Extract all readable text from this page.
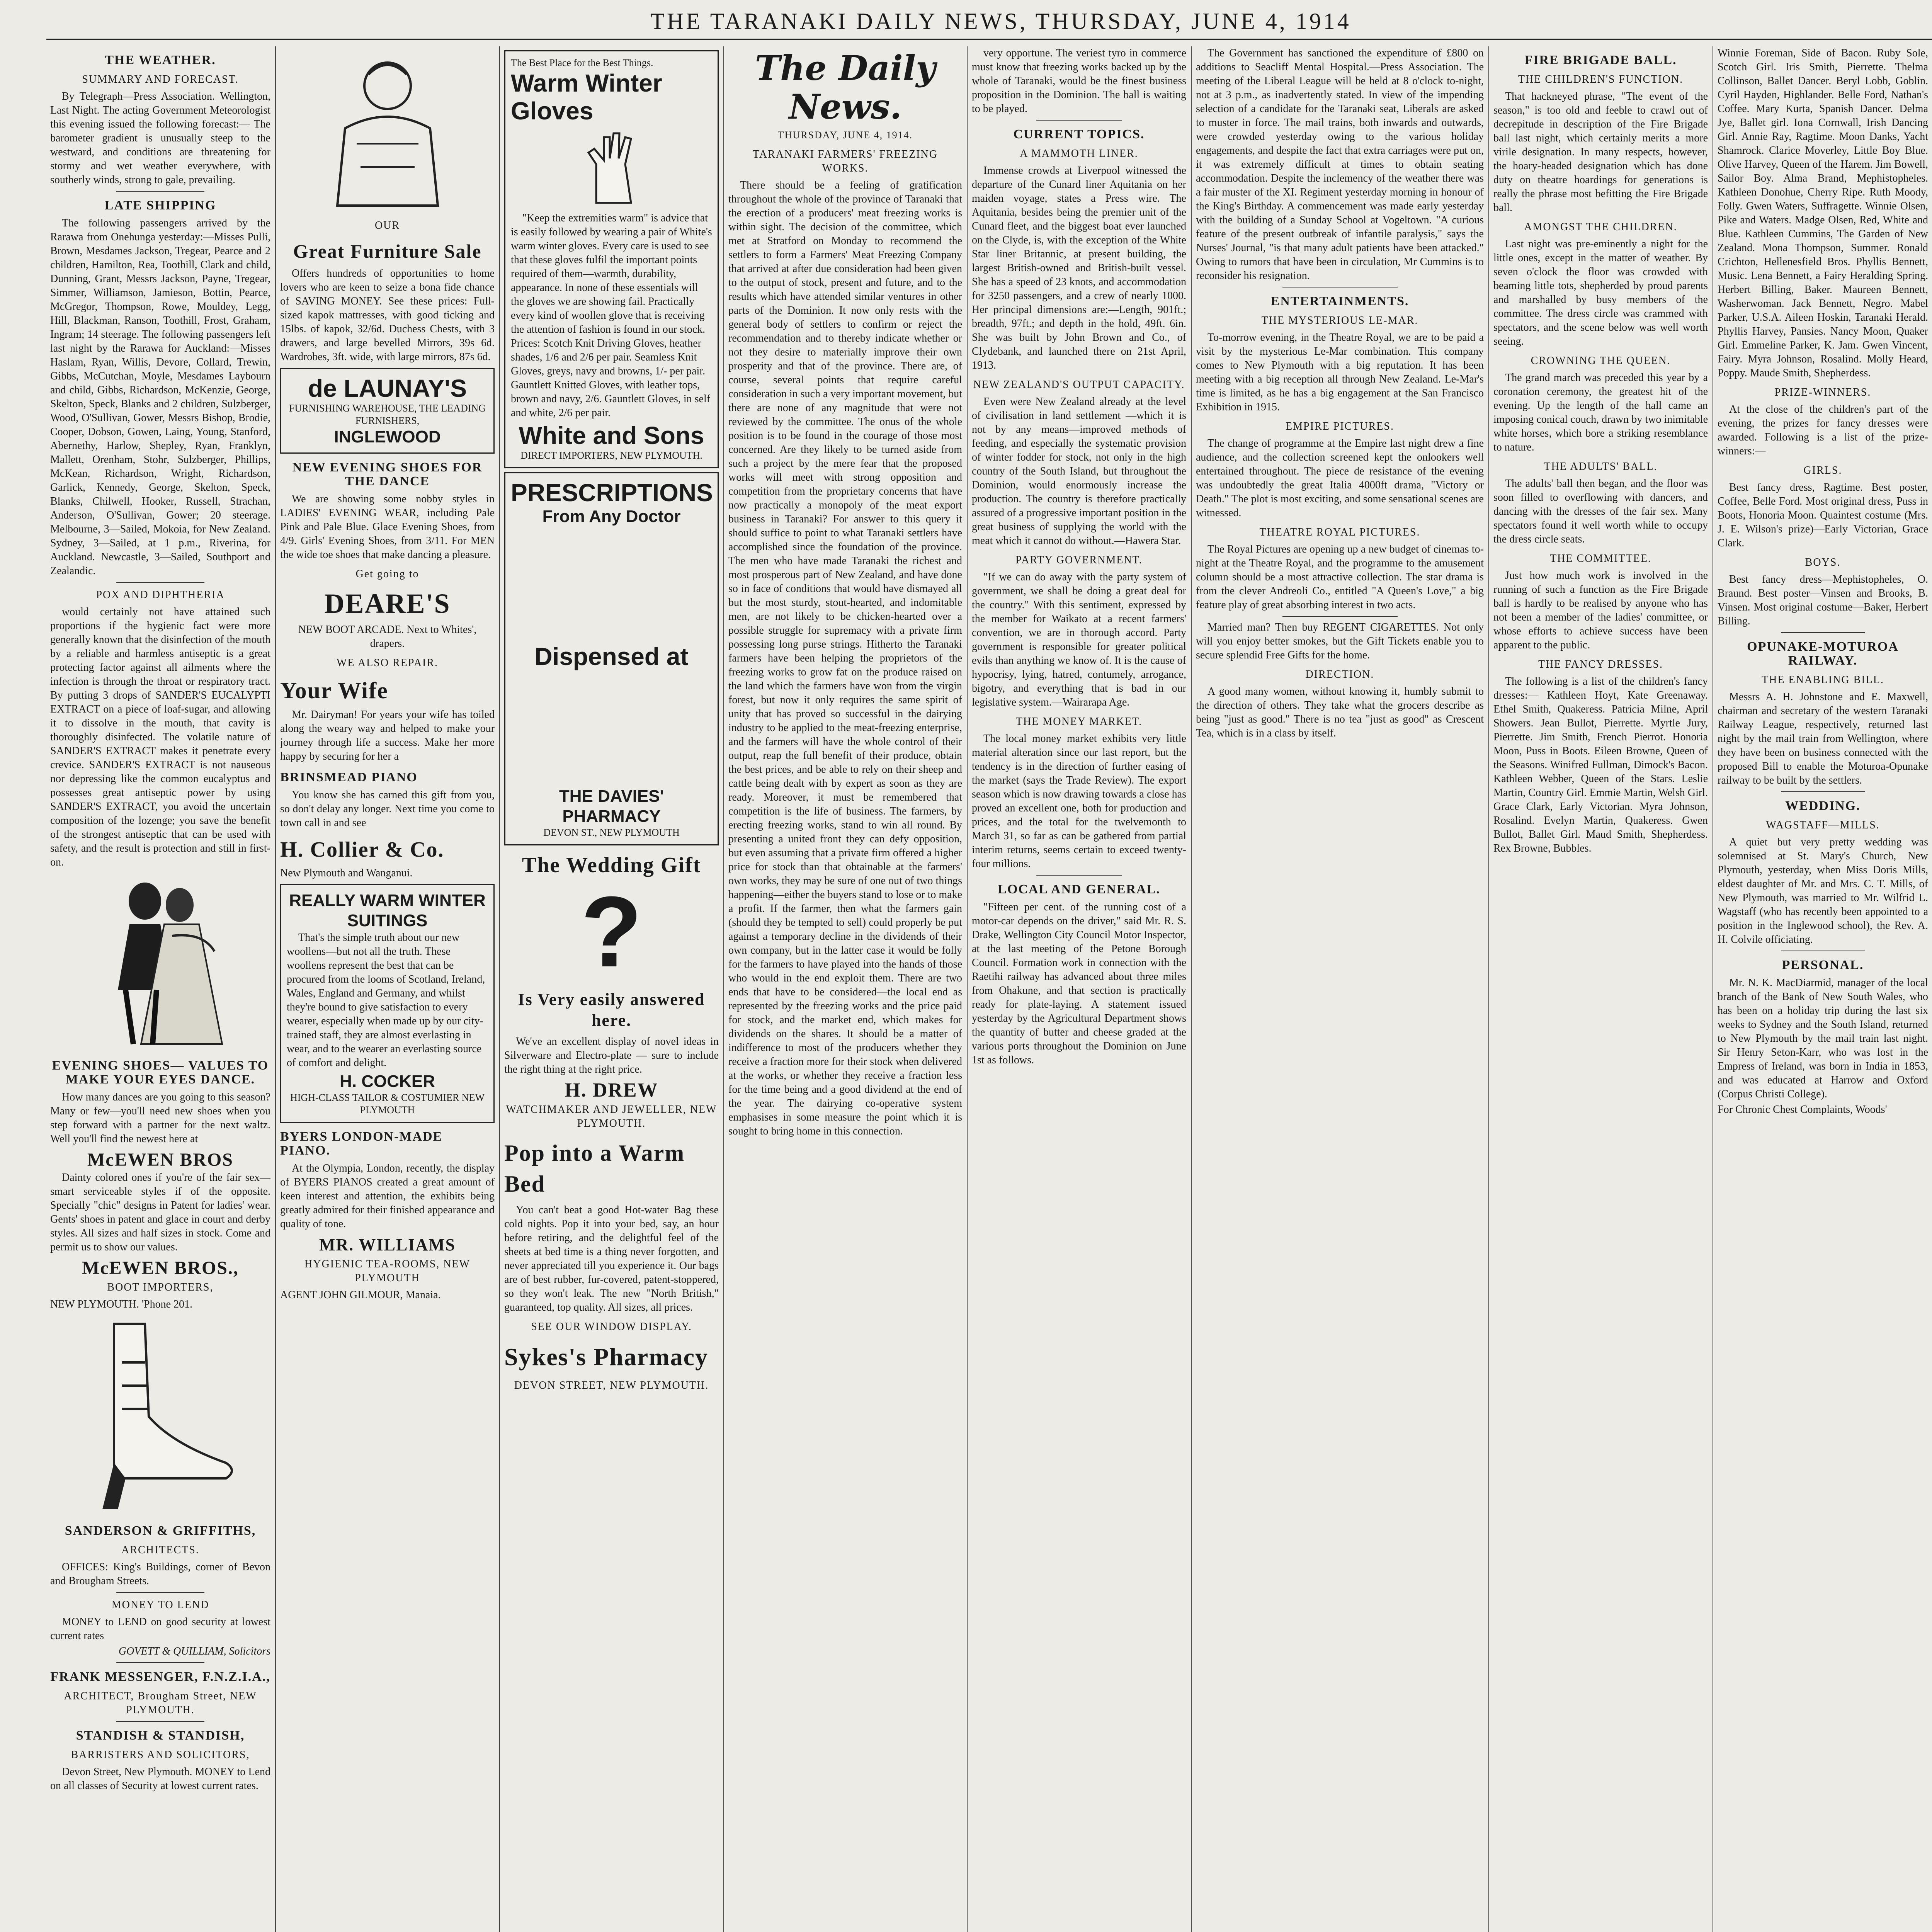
THE TARANAKI DAILY NEWS, THURSDAY, JUNE 4, 1914
THE WEATHER.
SUMMARY AND FORECAST.

By Telegraph—Press Association. Wellington, Last Night. The acting Government Meteorologist this evening issued the following forecast:— The barometer gradient is unusually steep to the westward, and conditions are threatening for stormy and wet weather everywhere, with southerly winds, strong to gale, prevailing.

LATE SHIPPING

The following passengers arrived by the Rarawa from Onehunga yesterday:—Misses Pulli, Brown, Mesdames Jackson, Tregear, Pearce and 2 children, Hamilton, Rea, Toothill, Clark and child, Dunning, Grant, Messrs Jackson, Payne, Tregear, Simmer, Williamson, Jamieson, Bottin, Pearce, McGregor, Thompson, Rowe, Mouldey, Legg, Hill, Blackman, Ranson, Toothill, Frost, Graham, Ingram; 14 steerage. The following passengers left last night by the Rarawa for Auckland:—Misses Haslam, Ryan, Willis, Devore, Collard, Trewin, Gibbs, McCutchan, Moyle, Mesdames Laybourn and child, Gibbs, Richardson, McKenzie, George, Skelton, Speck, Blanks and 2 children, Sulzberger, Wood, O'Sullivan, Gower, Messrs Bishop, Brodie, Cooper, Dobson, Gowen, Laing, Young, Stanford, Abernethy, Harlow, Shepley, Ryan, Franklyn, Mallett, Orenham, Stohr, Sulzberger, Phillips, McKean, Richardson, Wright, Richardson, Garlick, Kennedy, George, Skelton, Speck, Blanks, Chilwell, Hooker, Russell, Strachan, Anderson, O'Sullivan, Gower; 20 steerage. Melbourne, 3—Sailed, Mokoia, for New Zealand. Sydney, 3—Sailed, at 1 p.m., Riverina, for Auckland. Newcastle, 3—Sailed, Southport and Zealandic.

POX AND DIPHTHERIA

would certainly not have attained such proportions if the hygienic fact were more generally known that the disinfection of the mouth by a reliable and harmless antiseptic is a great protecting factor against all ailments where the infection is through the throat or respiratory tract. By putting 3 drops of SANDER'S EUCALYPTI EXTRACT on a piece of loaf-sugar, and allowing it to dissolve in the mouth, that cavity is thoroughly disinfected. The volatile nature of SANDER'S EXTRACT makes it penetrate every crevice. SANDER'S EXTRACT is not nauseous nor depressing like the common eucalyptus and possesses great antiseptic power by using SANDER'S EXTRACT, you avoid the uncertain composition of the lozenge; you save the benefit of the strongest antiseptic that can be used with safety, and the result is protection and still in first-on.

EVENING SHOES— VALUES TO MAKE YOUR EYES DANCE.

How many dances are you going to this season? Many or few—you'll need new shoes when you step forward with a partner for the next waltz. Well you'll find the newest here at

McEWEN BROS

Dainty colored ones if you're of the fair sex—smart serviceable styles if of the opposite. Specially "chic" designs in Patent for ladies' wear. Gents' shoes in patent and glace in court and derby styles. All sizes and half sizes in stock. Come and permit us to show our values.

McEWEN BROS.,
BOOT IMPORTERS,

NEW PLYMOUTH. 'Phone 201.

SANDERSON & GRIFFITHS,
ARCHITECTS.

OFFICES: King's Buildings, corner of Bevon and Brougham Streets.

MONEY TO LEND

MONEY to LEND on good security at lowest current rates

GOVETT & QUILLIAM, Solicitors

FRANK MESSENGER, F.N.Z.I.A.,
ARCHITECT, Brougham Street, NEW PLYMOUTH.
STANDISH & STANDISH,
BARRISTERS AND SOLICITORS,

Devon Street, New Plymouth. MONEY to Lend on all classes of Security at lowest current rates.

OUR
Great Furniture Sale

Offers hundreds of opportunities to home lovers who are keen to seize a bona fide chance of SAVING MONEY. See these prices: Full-sized kapok mattresses, with good ticking and 15lbs. of kapok, 32/6d. Duchess Chests, with 3 drawers, and large bevelled Mirrors, 39s 6d. Wardrobes, 3ft. wide, with large mirrors, 87s 6d.

de LAUNAY'S
FURNISHING WAREHOUSE, THE LEADING FURNISHERS,
INGLEWOOD
NEW EVENING SHOES FOR THE DANCE

We are showing some nobby styles in LADIES' EVENING WEAR, including Pale Pink and Pale Blue. Glace Evening Shoes, from 4/9. Girls' Evening Shoes, from 3/11. For MEN the wide toe shoes that make dancing a pleasure.

Get going to
DEARE'S

NEW BOOT ARCADE. Next to Whites', drapers.

WE ALSO REPAIR.
Your Wife

Mr. Dairyman! For years your wife has toiled along the weary way and helped to make your journey through life a success. Make her more happy by securing for her a

BRINSMEAD PIANO

You know she has carned this gift from you, so don't delay any longer. Next time you come to town call in and see

H. Collier & Co.

New Plymouth and Wanganui.

REALLY WARM WINTER SUITINGS

That's the simple truth about our new woollens—but not all the truth. These woollens represent the best that can be procured from the looms of Scotland, Ireland, Wales, England and Germany, and whilst they're bound to give satisfaction to every wearer, especially when made up by our city-trained staff, they are almost everlasting in wear, and to the wearer an everlasting source of comfort and delight.

H. COCKER
HIGH-CLASS TAILOR & COSTUMIER NEW PLYMOUTH
BYERS LONDON-MADE PIANO.

At the Olympia, London, recently, the display of BYERS PIANOS created a great amount of keen interest and attention, the exhibits being greatly admired for their finished appearance and quality of tone.

MR. WILLIAMS
HYGIENIC TEA-ROOMS, NEW PLYMOUTH

AGENT JOHN GILMOUR, Manaia.

The Best Place for the Best Things.
Warm Winter Gloves

"Keep the extremities warm" is advice that is easily followed by wearing a pair of White's warm winter gloves. Every care is used to see that these gloves fulfil the important points required of them—warmth, durability, appearance. In none of these essentials will the gloves we are showing fail. Practically every kind of woollen glove that is receiving the attention of fashion is found in our stock. Prices: Scotch Knit Driving Gloves, heather shades, 1/6 and 2/6 per pair. Seamless Knit Gloves, greys, navy and browns, 1/- per pair. Gauntlett Knitted Gloves, with leather tops, brown and navy, 2/6. Gauntlett Gloves, in self and white, 2/6 per pair.

White and Sons
DIRECT IMPORTERS, NEW PLYMOUTH.
PRESCRIPTIONS
From Any Doctor
Dispensed at
THE DAVIES' PHARMACY
DEVON ST., NEW PLYMOUTH
The Wedding Gift
?
Is Very easily answered here.

We've an excellent display of novel ideas in Silverware and Electro-plate — sure to include the right thing at the right price.

H. DREW
WATCHMAKER AND JEWELLER, NEW PLYMOUTH.
Pop into a Warm Bed

You can't beat a good Hot-water Bag these cold nights. Pop it into your bed, say, an hour before retiring, and the delightful feel of the sheets at bed time is a thing never forgotten, and never appreciated till you experience it. Our bags are of best rubber, fur-covered, patent-stoppered, so they won't leak. The new "North British," guaranteed, top quality. All sizes, all prices.

SEE OUR WINDOW DISPLAY.
Sykes's Pharmacy
DEVON STREET, NEW PLYMOUTH.
The Daily News.
THURSDAY, JUNE 4, 1914.
TARANAKI FARMERS' FREEZING WORKS.

There should be a feeling of gratification throughout the whole of the province of Taranaki that the erection of a producers' meat freezing works is within sight. The decision of the committee, which met at Stratford on Monday to recommend the settlers to form a Farmers' Meat Freezing Company that arrived at after due consideration had been given to the output of stock, present and future, and to the results which have attended similar ventures in other parts of the Dominion. It now only rests with the general body of settlers to confirm or reject the recommendation and to thereby indicate whether or not they desire to materially improve their own prosperity and that of the province. There are, of course, several points that require careful consideration in such a very important movement, but there are none of any magnitude that were not reviewed by the committee. The onus of the whole position is to be found in the courage of those most concerned. Are they likely to be turned aside from such a project by the mere fear that the proposed works will meet with strong opposition and competition from the proprietary concerns that have now practically a monopoly of the meat export business in Taranaki? For answer to this query it should suffice to point to what Taranaki settlers have accomplished since the foundation of the province. The men who have made Taranaki the richest and most prosperous part of New Zealand, and have done so in face of conditions that would have dismayed all but the most sturdy, stout-hearted, and indomitable men, are not likely to be chicken-hearted over a possible struggle for supremacy with a private firm possessing long purse strings. Hitherto the Taranaki farmers have been helping the proprietors of the freezing works to grow fat on the produce raised on the land which the farmers have won from the virgin forest, but now it only requires the same spirit of unity that has proved so successful in the dairying industry to be applied to the meat-freezing enterprise, and the farmers will have the whole control of their output, reap the full benefit of their produce, obtain the best prices, and be able to rely on their sheep and cattle being dealt with by expert as soon as they are ready. Moreover, it must be remembered that competition is the life of business. The farmers, by erecting freezing works, stand to win all round. By presenting a united front they can defy opposition, but even assuming that a private firm offered a higher price for stock than that obtainable at the farmers' own works, they may be sure of one out of two things happening—either the buyers stand to lose or to make a profit. If the farmer, then what the farmers gain (should they be tempted to sell) could properly be put against a temporary decline in the dividends of their own company, but in the latter case it would be folly for the farmers to have played into the hands of those who would in the end exploit them. There are two ends that have to be considered—the local end as represented by the freezing works and the price paid for stock, and the market end, which makes for dividends on the shares. It should be a matter of indifference to most of the producers whether they receive a fraction more for their stock when delivered at the works, or whether they receive a fraction less for the time being and a good dividend at the end of the year. The dairying co-operative system emphasises in some measure the point which it is sought to bring home in this connection.

very opportune. The veriest tyro in commerce must know that freezing works backed up by the whole of Taranaki, would be the finest business proposition in the Dominion. The ball is waiting to be played.

CURRENT TOPICS.
A MAMMOTH LINER.

Immense crowds at Liverpool witnessed the departure of the Cunard liner Aquitania on her maiden voyage, states a Press wire. The Aquitania, besides being the premier unit of the Cunard fleet, and the biggest boat ever launched on the Clyde, is, with the exception of the White Star liner Britannic, at present building, the largest British-owned and British-built vessel. She has a speed of 23 knots, and accommodation for 3250 passengers, and a crew of nearly 1000. Her principal dimensions are:—Length, 901ft.; breadth, 97ft.; and depth in the hold, 49ft. 6in. She was built by John Brown and Co., of Clydebank, and launched there on 21st April, 1913.

NEW ZEALAND'S OUTPUT CAPACITY.

Even were New Zealand already at the level of civilisation in land settlement —which it is not by any means—improved methods of feeding, and especially the systematic provision of winter fodder for stock, not only in the high country of the South Island, but throughout the Dominion, would enormously increase the production. The country is therefore practically assured of a progressive important position in the great business of supplying the world with the meat which it cannot do without.—Hawera Star.

PARTY GOVERNMENT.

"If we can do away with the party system of government, we shall be doing a great deal for the country." With this sentiment, expressed by the member for Waikato at a recent farmers' convention, we are in thorough accord. Party government is responsible for greater political evils than anything we know of. It is the cause of hypocrisy, lying, hatred, contumely, arrogance, bigotry, and everything that is bad in our legislative system.—Wairarapa Age.

THE MONEY MARKET.

The local money market exhibits very little material alteration since our last report, but the tendency is in the direction of further easing of the market (says the Trade Review). The export season which is now drawing towards a close has proved an excellent one, both for production and prices, and the total for the twelvemonth to March 31, so far as can be gathered from partial interim returns, seems certain to exceed twenty-four millions.

LOCAL AND GENERAL.

"Fifteen per cent. of the running cost of a motor-car depends on the driver," said Mr. R. S. Drake, Wellington City Council Motor Inspector, at the last meeting of the Petone Borough Council. Formation work in connection with the Raetihi railway has advanced about three miles from Ohakune, and that section is practically ready for plate-laying. A statement issued yesterday by the Agricultural Department shows the quantity of butter and cheese graded at the various ports throughout the Dominion on June 1st as follows.

The Government has sanctioned the expenditure of £800 on additions to Seacliff Mental Hospital.—Press Association. The meeting of the Liberal League will be held at 8 o'clock to-night, not at 3 p.m., as inadvertently stated. In view of the impending selection of a candidate for the Taranaki seat, Liberals are asked to muster in force. The mail trains, both inwards and outwards, were crowded yesterday owing to the various holiday engagements, and despite the fact that extra carriages were put on, it was extremely difficult at times to obtain seating accommodation. Despite the inclemency of the weather there was a fair muster of the XI. Regiment yesterday morning in honour of the King's Birthday. A commencement was made early yesterday with the building of a Sunday School at Vogeltown. "A curious feature of the present outbreak of infantile paralysis," says the Nurses' Journal, "is that many adult patients have been attacked." Owing to rumors that have been in circulation, Mr Cummins is to reconsider his resignation.

ENTERTAINMENTS.
THE MYSTERIOUS LE-MAR.

To-morrow evening, in the Theatre Royal, we are to be paid a visit by the mysterious Le-Mar combination. This company comes to New Plymouth with a big reputation. It has been meeting with a big reception all through New Zealand. Le-Mar's time is limited, as he has a big engagement at the San Francisco Exhibition in 1915.

EMPIRE PICTURES.

The change of programme at the Empire last night drew a fine audience, and the collection screened kept the onlookers well entertained throughout. The piece de resistance of the evening was undoubtedly the great Italia 4000ft drama, "Victory or Death." The plot is most exciting, and some sensational scenes are witnessed.

THEATRE ROYAL PICTURES.

The Royal Pictures are opening up a new budget of cinemas to-night at the Theatre Royal, and the programme to the amusement column should be a most attractive collection. The star drama is from the clever Andreoli Co., entitled "A Queen's Love," a big feature play of great absorbing interest in two acts.

Married man? Then buy REGENT CIGARETTES. Not only will you enjoy better smokes, but the Gift Tickets enable you to secure splendid Free Gifts for the home.

DIRECTION.

A good many women, without knowing it, humbly submit to the direction of others. They take what the grocers describe as being "just as good." There is no tea "just as good" as Crescent Tea, which is in a class by itself.

FIRE BRIGADE BALL.
THE CHILDREN'S FUNCTION.

That hackneyed phrase, "The event of the season," is too old and feeble to crawl out of decrepitude in description of the Fire Brigade ball last night, which certainly merits a more virile designation. In many respects, however, the hoary-headed designation which has done duty on theatre hoardings for generations is really the phrase most befitting the Fire Brigade ball.

AMONGST THE CHILDREN.

Last night was pre-eminently a night for the little ones, except in the matter of weather. By seven o'clock the floor was crowded with beaming little tots, shepherded by proud parents and marshalled by busy members of the committee. The dress circle was crammed with spectators, and the scene below was well worth seeing.

CROWNING THE QUEEN.

The grand march was preceded this year by a coronation ceremony, the greatest hit of the evening. Up the length of the hall came an imposing conical couch, drawn by two inimitable white horses, which bore a striking resemblance to nature.

THE ADULTS' BALL.

The adults' ball then began, and the floor was soon filled to overflowing with dancers, and dancing with the dresses of the fair sex. Many spectators found it well worth while to occupy the dress circle seats.

THE COMMITTEE.

Just how much work is involved in the running of such a function as the Fire Brigade ball is hardly to be realised by anyone who has not been a member of the ladies' committee, or whose efforts to achieve success have been apparent to the public.

THE FANCY DRESSES.

The following is a list of the children's fancy dresses:— Kathleen Hoyt, Kate Greenaway. Ethel Smith, Quakeress. Patricia Milne, April Showers. Jean Bullot, Pierrette. Myrtle Jury, Pierrette. Jim Smith, French Pierrot. Honoria Moon, Puss in Boots. Eileen Browne, Queen of the Seasons. Winifred Fullman, Dimock's Bacon. Kathleen Webber, Queen of the Stars. Leslie Martin, Country Girl. Emmie Martin, Welsh Girl. Grace Clark, Early Victorian. Myra Johnson, Rosalind. Evelyn Martin, Quakeress. Gwen Bullot, Ballet Girl. Maud Smith, Shepherdess. Rex Browne, Bubbles.

Winnie Foreman, Side of Bacon. Ruby Sole, Scotch Girl. Iris Smith, Pierrette. Thelma Collinson, Ballet Dancer. Beryl Lobb, Goblin. Cyril Hayden, Highlander. Belle Ford, Nathan's Coffee. Mary Kurta, Spanish Dancer. Delma Jye, Ballet girl. Iona Cornwall, Irish Dancing Girl. Annie Ray, Ragtime. Moon Danks, Yacht Shamrock. Clarice Moverley, Little Boy Blue. Olive Harvey, Queen of the Harem. Jim Bowell, Sailor Boy. Alma Brand, Mephistopheles. Kathleen Donohue, Cherry Ripe. Ruth Moody, Folly. Gwen Waters, Suffragette. Winnie Olsen, Pike and Waters. Madge Olsen, Red, White and Blue. Kathleen Cummins, The Garden of New Zealand. Mona Thompson, Summer. Ronald Crichton, Hellenesfield Bros. Phyllis Bennett, Music. Lena Bennett, a Fairy Heralding Spring. Herbert Billing, Baker. Maureen Bennett, Washerwoman. Jack Bennett, Negro. Mabel Parker, U.S.A. Aileen Hoskin, Taranaki Herald. Phyllis Harvey, Pansies. Nancy Moon, Quaker Girl. Emmeline Parker, K. Jam. Gwen Vincent, Fairy. Myra Johnson, Rosalind. Molly Heard, Poppy. Maude Smith, Shepherdess.

PRIZE-WINNERS.

At the close of the children's part of the evening, the prizes for fancy dresses were awarded. Following is a list of the prize-winners:—

GIRLS.

Best fancy dress, Ragtime. Best poster, Coffee, Belle Ford. Most original dress, Puss in Boots, Honoria Moon. Quaintest costume (Mrs. J. E. Wilson's prize)—Early Victorian, Grace Clark.

BOYS.

Best fancy dress—Mephistopheles, O. Braund. Best poster—Vinsen and Brooks, B. Vinsen. Most original costume—Baker, Herbert Billing.

OPUNAKE-MOTUROA RAILWAY.
THE ENABLING BILL.

Messrs A. H. Johnstone and E. Maxwell, chairman and secretary of the western Taranaki Railway League, respectively, returned last night by the mail train from Wellington, where they have been on business connected with the proposed Bill to enable the Moturoa-Opunake railway to be built by the settlers.

WEDDING.
WAGSTAFF—MILLS.

A quiet but very pretty wedding was solemnised at St. Mary's Church, New Plymouth, yesterday, when Miss Doris Mills, eldest daughter of Mr. and Mrs. C. T. Mills, of New Plymouth, was married to Mr. Wilfrid L. Wagstaff (who has recently been appointed to a position in the Inglewood school), the Rev. A. H. Colvile officiating.

PERSONAL.

Mr. N. K. MacDiarmid, manager of the local branch of the Bank of New South Wales, who has been on a holiday trip during the last six weeks to Sydney and the South Island, returned to New Plymouth by the mail train last night. Sir Henry Seton-Karr, who was lost in the Empress of Ireland, was born in India in 1853, and was educated at Harrow and Oxford (Corpus Christi College).

For Chronic Chest Complaints, Woods'
